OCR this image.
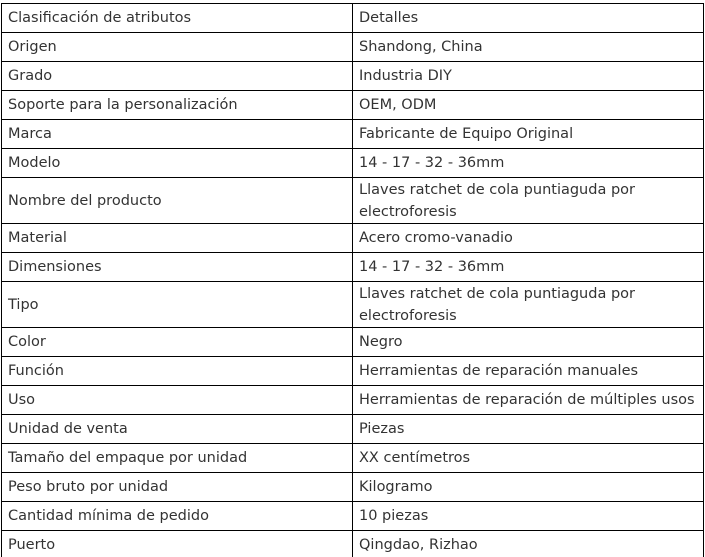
Clasificación de atributos	Detalles
Origen	Shandong, China
Grado	Industria DIY
Soporte para la personalización	OEM, ODM
Marca	Fabricante de Equipo Original
Modelo	14 - 17 - 32 - 36mm
Nombre del producto	Llaves ratchet de cola puntiaguda por electroforesis
Material	Acero cromo-vanadio
Dimensiones	14 - 17 - 32 - 36mm
Tipo	Llaves ratchet de cola puntiaguda por electroforesis
Color	Negro
Función	Herramientas de reparación manuales
Uso	Herramientas de reparación de múltiples usos
Unidad de venta	Piezas
Tamaño del empaque por unidad	XX centímetros
Peso bruto por unidad	Kilogramo
Cantidad mínima de pedido	10 piezas
Puerto	Qingdao, Rizhao
